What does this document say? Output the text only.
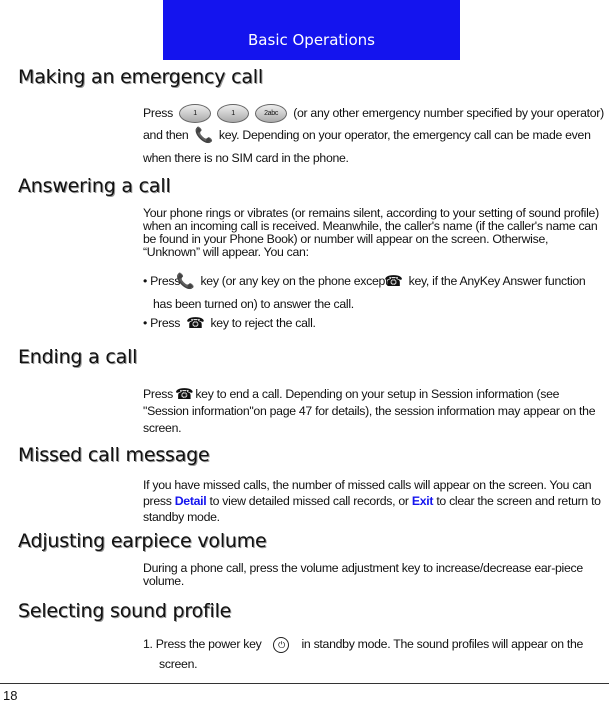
Basic Operations
Making an emergency call
Press	1	1	2abc (or any other emergency number specified by your operator) and then 📞 key. Depending on your operator, the emergency call can be made even when there is no SIM card in the phone.
Answering a call
Your phone rings or vibrates (or remains silent, according to your setting of sound profile) when an incoming call is received. Meanwhile, the caller's name (if the caller's name can be found in your Phone Book) or number will appear on the screen. Otherwise, “Unknown” will appear. You can:
• Press📞 key (or any key on the phone except☎ key, if the AnyKey Answer function has been turned on) to answer the call.
• Press ☎ key to reject the call.
Ending a call
Press ☎ key to end a call. Depending on your setup in Session information (see "Session information"on page 47 for details), the session information may appear on the screen.
Missed call message
If you have missed calls, the number of missed calls will appear on the screen. You can press Detail to view detailed missed call records, or Exit to clear the screen and return to standby mode.
Adjusting earpiece volume
During a phone call, press the volume adjustment key to increase/decrease ear-piece volume.
Selecting sound profile
1. Press the power key ⏻ in standby mode. The sound profiles will appear on the screen.
18
